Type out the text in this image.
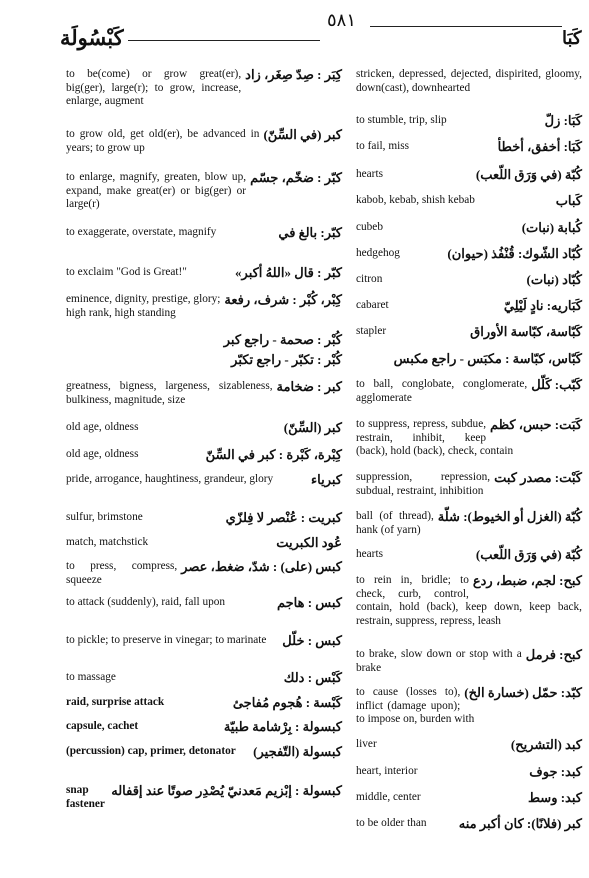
كَبْسُولَة
٥٨١
كَبَا
كِبَر : صِدّ صِغَر، زاد
to be(come) or grow great(er), big(ger), large(r); to grow, increase, enlarge, augment
كبر (في السِّنّ)
to grow old, get old(er), be advanced in years; to grow up
كبّر : ضخّم، جسّم
to enlarge, magnify, greaten, blow up, expand, make great(er) or big(ger) or large(r)
كبّر: بالغ في
to exaggerate, overstate, magnify
كبّر : قال «اللهُ أكبر»
to exclaim "God is Great!"
كِبْر، كُبْر : شرف، رفعة
eminence, dignity, prestige, glory; high rank, high standing
كُبْر : صحمة - راجع كبر
كُبْر : تكبّر - راجع تكبّر
كبر : ضخامة
greatness, bigness, largeness, sizableness, bulkiness, magnitude, size
كبر (السِّنّ)
old age, oldness
كِبْرة، كَبْرة : كبر في السِّنّ
old age, oldness
كبرياء
pride, arrogance, haughtiness, grandeur, glory
كبريت : عُنْصر لا فِلزّي
sulfur, brimstone
عُود الكبريت
match, matchstick
كبس (على) : شدّ، ضغط، عصر
to press, compress, squeeze
كبس : هاجم
to attack (suddenly), raid, fall upon
كبس : خلّل
to pickle; to preserve in vinegar; to marinate
كَبْس : دلك
to massage
كَبْسة : هُجوم مُفاجئ
raid, surprise attack
كبسولة : بِرْشامة طبيّة
capsule, cachet
كبسولة (التّفجير)
(percussion) cap, primer, detonator
كبسولة : إبْزيم مَعدنيّ يُصْدِر صوتًا عند إقفاله
snap fastener
stricken, depressed, dejected, dispirited, gloomy, down(cast), downhearted
كَبَا: زلّ
to stumble, trip, slip
كَبَا: أخفق، أخطأ
to fail, miss
كُبّة (في وَرَق اللّعب)
hearts
كَباب
kabob, kebab, shish kebab
كُبابة (نبات)
cubeb
كُبّاد الشّوك: قُنْفُذ (حيوان)
hedgehog
كُبّاد (نبات)
citron
كَبَاريه: نادٍ لَيْلِيّ
cabaret
كَبّاسة، كبّاسة الأوراق
stapler
كَبّاس، كبّاسة : مكبَس - راجع مكبس
كَبّب: كَلّل
to ball, conglobate, conglomerate, agglomerate
كَبَت: حبس، كظم
to suppress, repress, subdue, restrain, inhibit, keep (back), hold (back), check, contain
كَبْت: مصدر كبت
suppression, repression, subdual, restraint, inhibition
كُبّة (الغزل أو الخيوط): شلّة
ball (of thread), hank (of yarn)
كُبّة (في وَرَق اللّعب)
hearts
كبح: لجم، ضبط، ردع
to rein in, bridle; to check, curb, control, contain, hold (back), keep down, keep back, restrain, suppress, repress, leash
كبح: فرمل
to brake, slow down or stop with a brake
كبّد: حمّل (خسارة الخ)
to cause (losses to), inflict (damage upon); to impose on, burden with
كبد (التشريح)
liver
كبد: جوف
heart, interior
كبد: وسط
middle, center
كبر (فلانًا): كان أكبر منه
to be older than
